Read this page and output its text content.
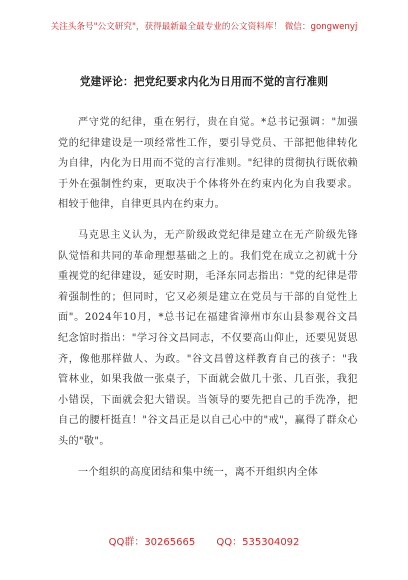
关注头条号"公文研究"，获得最新最全最专业的公文资料库！ 微信：gongwenyj
党建评论：把党纪要求内化为日用而不觉的言行准则

严守党的纪律，重在躬行，贵在自觉。*总书记强调："加强党的纪律建设是一项经常性工作，要引导党员、干部把他律转化为自律，内化为日用而不觉的言行准则。"纪律的贯彻执行既依赖于外在强制性约束，更取决于个体将外在约束内化为自我要求。相较于他律，自律更具内在约束力。

马克思主义认为，无产阶级政党纪律是建立在无产阶级先锋队觉悟和共同的革命理想基础之上的。我们党在成立之初就十分重视党的纪律建设，延安时期，毛泽东同志指出："党的纪律是带着强制性的；但同时，它又必须是建立在党员与干部的自觉性上面"。2024年10月，*总书记在福建省漳州市东山县参观谷文昌纪念馆时指出："学习谷文昌同志，不仅要高山仰止，还要见贤思齐，像他那样做人、为政。"谷文昌曾这样教育自己的孩子："我管林业，如果我做一张桌子，下面就会做几十张、几百张，我犯小错误，下面就会犯大错误。当领导的要先把自己的手洗净，把自己的腰杆挺直！"谷文昌正是以自己心中的"戒"，赢得了群众心头的"敬"。

一个组织的高度团结和集中统一，离不开组织内全体

QQ群：30265665 QQ：535304092
